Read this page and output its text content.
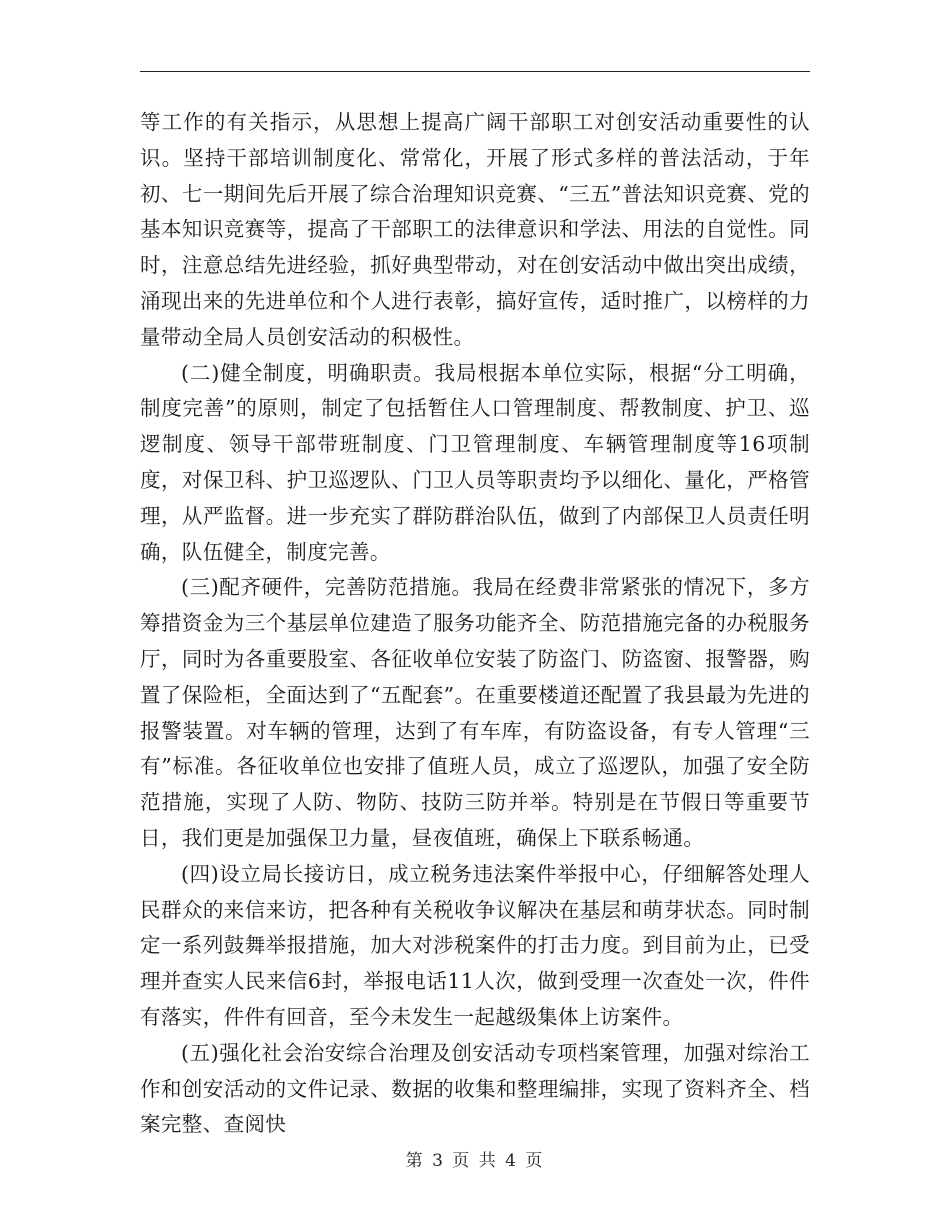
等工作的有关指示，从思想上提高广阔干部职工对创安活动重要性的认识。坚持干部培训制度化、常常化，开展了形式多样的普法活动，于年初、七一期间先后开展了综合治理知识竞赛、“三五”普法知识竞赛、党的基本知识竞赛等，提高了干部职工的法律意识和学法、用法的自觉性。同时，注意总结先进经验，抓好典型带动，对在创安活动中做出突出成绩，涌现出来的先进单位和个人进行表彰，搞好宣传，适时推广，以榜样的力量带动全局人员创安活动的积极性。

(二)健全制度，明确职责。我局根据本单位实际，根据“分工明确，制度完善”的原则，制定了包括暂住人口管理制度、帮教制度、护卫、巡逻制度、领导干部带班制度、门卫管理制度、车辆管理制度等16项制度，对保卫科、护卫巡逻队、门卫人员等职责均予以细化、量化，严格管理，从严监督。进一步充实了群防群治队伍，做到了内部保卫人员责任明确，队伍健全，制度完善。

(三)配齐硬件，完善防范措施。我局在经费非常紧张的情况下，多方筹措资金为三个基层单位建造了服务功能齐全、防范措施完备的办税服务厅，同时为各重要股室、各征收单位安装了防盗门、防盗窗、报警器，购置了保险柜，全面达到了“五配套”。在重要楼道还配置了我县最为先进的报警装置。对车辆的管理，达到了有车库，有防盗设备，有专人管理“三有”标准。各征收单位也安排了值班人员，成立了巡逻队，加强了安全防范措施，实现了人防、物防、技防三防并举。特别是在节假日等重要节日，我们更是加强保卫力量，昼夜值班，确保上下联系畅通。

(四)设立局长接访日，成立税务违法案件举报中心，仔细解答处理人民群众的来信来访，把各种有关税收争议解决在基层和萌芽状态。同时制定一系列鼓舞举报措施，加大对涉税案件的打击力度。到目前为止，已受理并查实人民来信6封，举报电话11人次，做到受理一次查处一次，件件有落实，件件有回音，至今未发生一起越级集体上访案件。

(五)强化社会治安综合治理及创安活动专项档案管理，加强对综治工作和创安活动的文件记录、数据的收集和整理编排，实现了资料齐全、档案完整、查阅快

第 3 页 共 4 页
